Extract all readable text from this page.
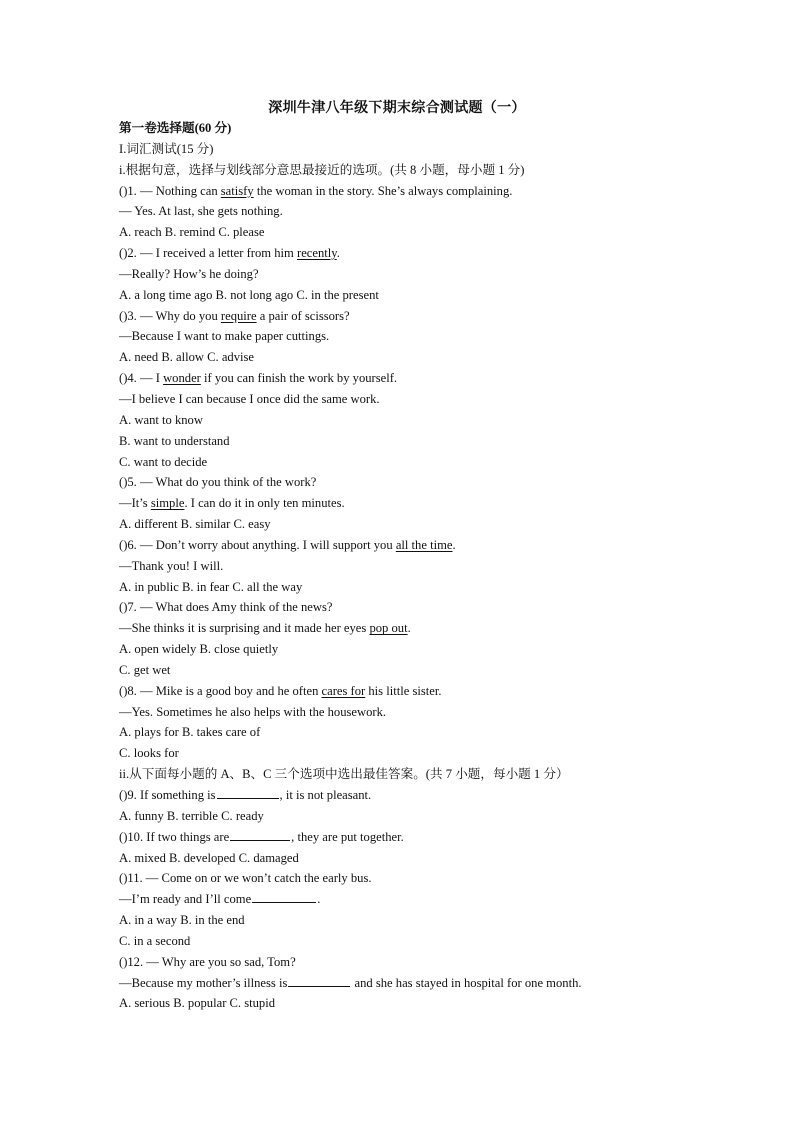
深圳牛津八年级下期末综合测试题（一）
第一卷选择题(60 分)
I.词汇测试(15 分)
i.根据句意，选择与划线部分意思最接近的选项。(共 8 小题，母小题 1 分)
()1. — Nothing can satisfy the woman in the story. She’s always complaining.
— Yes. At last, she gets nothing.
A. reach B. remind C. please
()2. — I received a letter from him recently.
—Really? How’s he doing?
A. a long time ago B. not long ago C. in the present
()3. — Why do you require a pair of scissors?
—Because I want to make paper cuttings.
A. need B. allow C. advise
()4. — I wonder if you can finish the work by yourself.
—I believe I can because I once did the same work.
A. want to know
B. want to understand
C. want to decide
()5. — What do you think of the work?
—It’s simple. I can do it in only ten minutes.
A. different B. similar C. easy
()6. — Don’t worry about anything. I will support you all the time.
—Thank you! I will.
A. in public B. in fear C. all the way
()7. — What does Amy think of the news?
—She thinks it is surprising and it made her eyes pop out.
A. open widely B. close quietly
C. get wet
()8. — Mike is a good boy and he often cares for his little sister.
—Yes. Sometimes he also helps with the housework.
A. plays for B. takes care of
C. looks for
ii.从下面每小题的 A、B、C 三个选项中选出最佳答案。(共 7 小题，每小题 1 分）
()9. If something is	, it is not pleasant.
A. funny B. terrible C. ready
()10. If two things are	, they are put together.
A. mixed B. developed C. damaged
()11. — Come on or we won’t catch the early bus.
—I’m ready and I’ll come	.
A. in a way B. in the end
C. in a second
()12. — Why are you so sad, Tom?
—Because my mother’s illness is	and she has stayed in hospital for one month.
A. serious B. popular C. stupid
